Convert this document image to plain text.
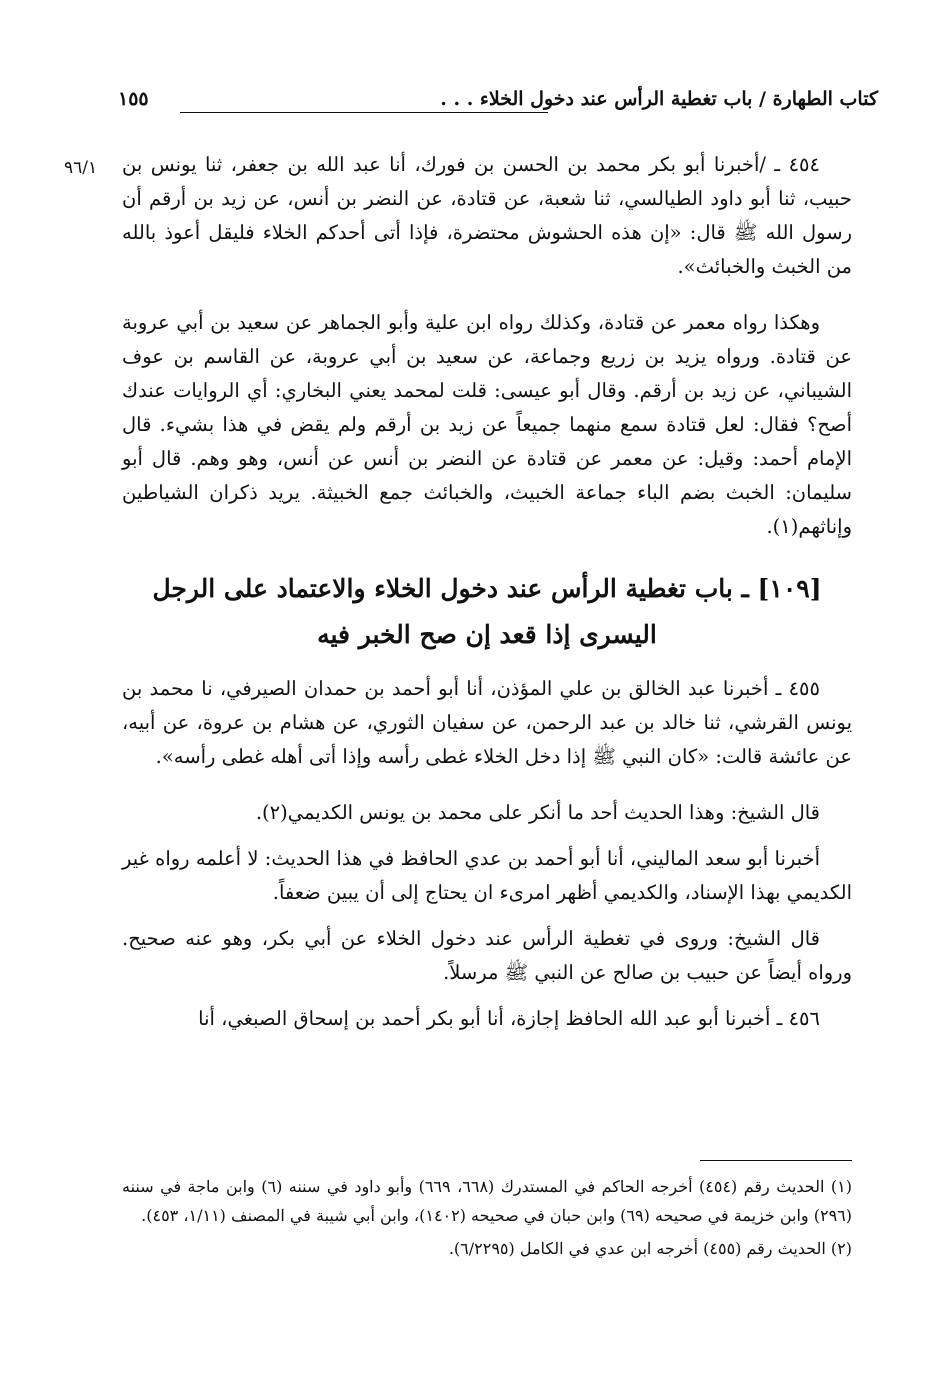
كتاب الطهارة / باب تغطية الرأس عند دخول الخلاء . . .
١٥٥
٩٦/١ ٤٥٤ ـ /أخبرنا أبو بكر محمد بن الحسن بن فورك، أنا عبد الله بن جعفر، ثنا يونس بن حبيب، ثنا أبو داود الطيالسي، ثنا شعبة، عن قتادة، عن النضر بن أنس، عن زيد بن أرقم أن رسول الله ﷺ قال: «إن هذه الحشوش محتضرة، فإذا أتى أحدكم الخلاء فليقل أعوذ بالله من الخبث والخبائث».

وهكذا رواه معمر عن قتادة، وكذلك رواه ابن علية وأبو الجماهر عن سعيد بن أبي عروبة عن قتادة. ورواه يزيد بن زريع وجماعة، عن سعيد بن أبي عروبة، عن القاسم بن عوف الشيباني، عن زيد بن أرقم. وقال أبو عيسى: قلت لمحمد يعني البخاري: أي الروايات عندك أصح؟ فقال: لعل قتادة سمع منهما جميعاً عن زيد بن أرقم ولم يقض في هذا بشيء. قال الإمام أحمد: وقيل: عن معمر عن قتادة عن النضر بن أنس عن أنس، وهو وهم. قال أبو سليمان: الخبث بضم الباء جماعة الخبيث، والخبائث جمع الخبيثة. يريد ذكران الشياطين وإناثهم(١).

[١٠٩] ـ باب تغطية الرأس عند دخول الخلاء والاعتماد على الرجل اليسرى إذا قعد إن صح الخبر فيه

٤٥٥ ـ أخبرنا عبد الخالق بن علي المؤذن، أنا أبو أحمد بن حمدان الصيرفي، نا محمد بن يونس القرشي، ثنا خالد بن عبد الرحمن، عن سفيان الثوري، عن هشام بن عروة، عن أبيه، عن عائشة قالت: «كان النبي ﷺ إذا دخل الخلاء غطى رأسه وإذا أتى أهله غطى رأسه».

قال الشيخ: وهذا الحديث أحد ما أنكر على محمد بن يونس الكديمي(٢).

أخبرنا أبو سعد الماليني، أنا أبو أحمد بن عدي الحافظ في هذا الحديث: لا أعلمه رواه غير الكديمي بهذا الإسناد، والكديمي أظهر امرىء ان يحتاج إلى أن يبين ضعفاً.

قال الشيخ: وروى في تغطية الرأس عند دخول الخلاء عن أبي بكر، وهو عنه صحيح. ورواه أيضاً عن حبيب بن صالح عن النبي ﷺ مرسلاً.

٤٥٦ ـ أخبرنا أبو عبد الله الحافظ إجازة، أنا أبو بكر أحمد بن إسحاق الصبغي، أنا

(١) الحديث رقم (٤٥٤) أخرجه الحاكم في المستدرك (٦٦٨، ٦٦٩) وأبو داود في سننه (٦) وابن ماجة في سننه (٢٩٦) وابن خزيمة في صحيحه (٦٩) وابن حبان في صحيحه (١٤٠٢)، وابن أبي شيبة في المصنف (١/١١، ٤٥٣).

(٢) الحديث رقم (٤٥٥) أخرجه ابن عدي في الكامل (٦/٢٢٩٥).
